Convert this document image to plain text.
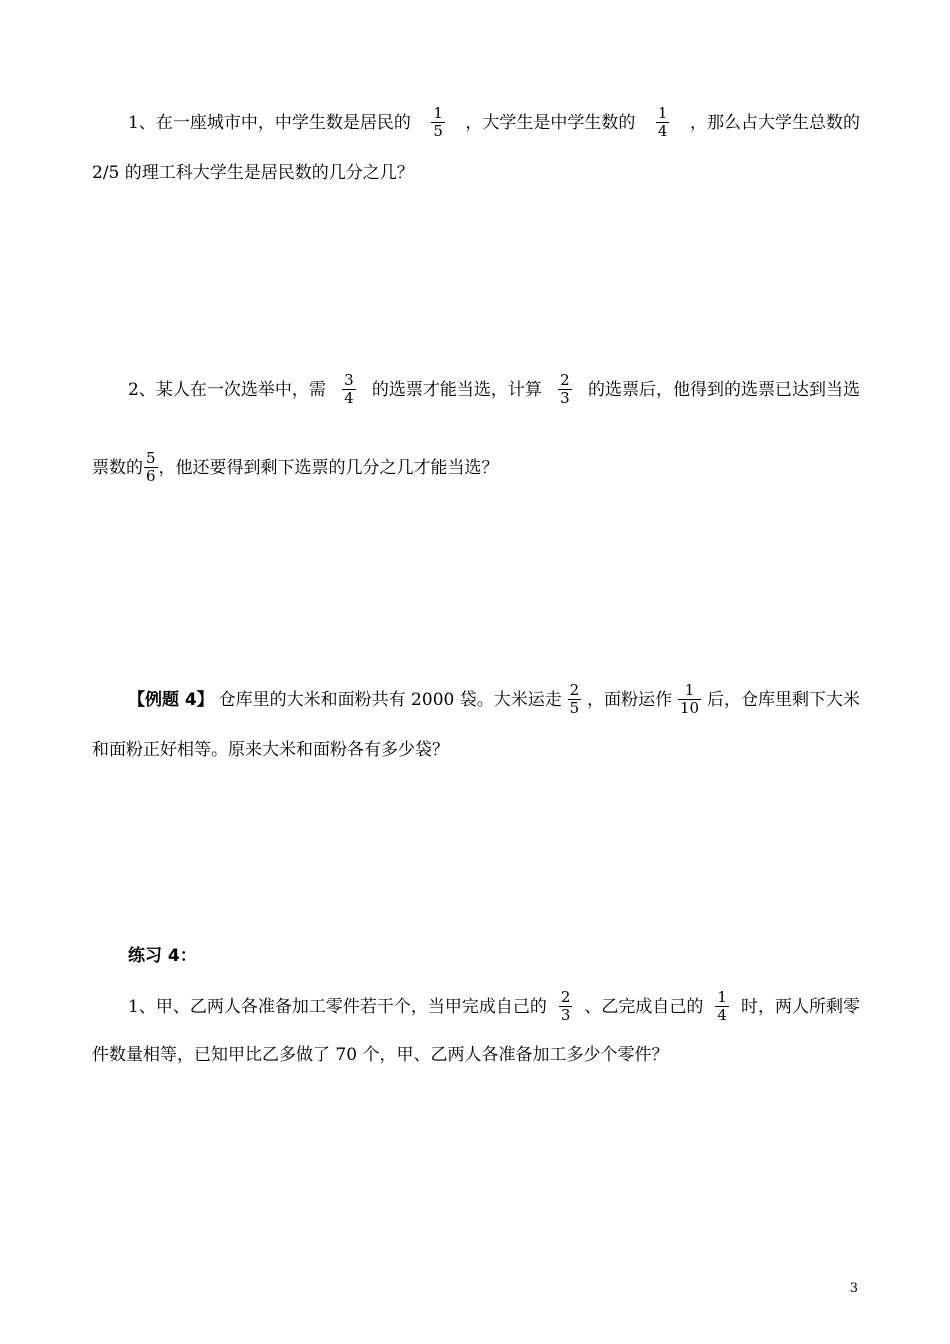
1、在一座城市中，中学生数是居民的 $\frac{1}{5}$ ，大学生是中学生数的 $\frac{1}{4}$ ，那么占大学生总数的
2/5 的理工科大学生是居民数的几分之几？
2、某人在一次选举中，需 $\frac{3}{4}$ 的选票才能当选，计算 $\frac{2}{3}$ 的选票后，他得到的选票已达到当选
票数的 $\frac{5}{6}$ ，他还要得到剩下选票的几分之几才能当选？
【例题 4】 仓库里的大米和面粉共有 2000 袋。大米运走 $\frac{2}{5}$ ，面粉运作 $\frac{1}{10}$ 后，仓库里剩下大米
和面粉正好相等。原来大米和面粉各有多少袋？
练习 4：
1、甲、乙两人各准备加工零件若干个，当甲完成自己的 $\frac{2}{3}$ 、乙完成自己的 $\frac{1}{4}$ 时，两人所剩零
件数量相等，已知甲比乙多做了 70 个，甲、乙两人各准备加工多少个零件？
3
